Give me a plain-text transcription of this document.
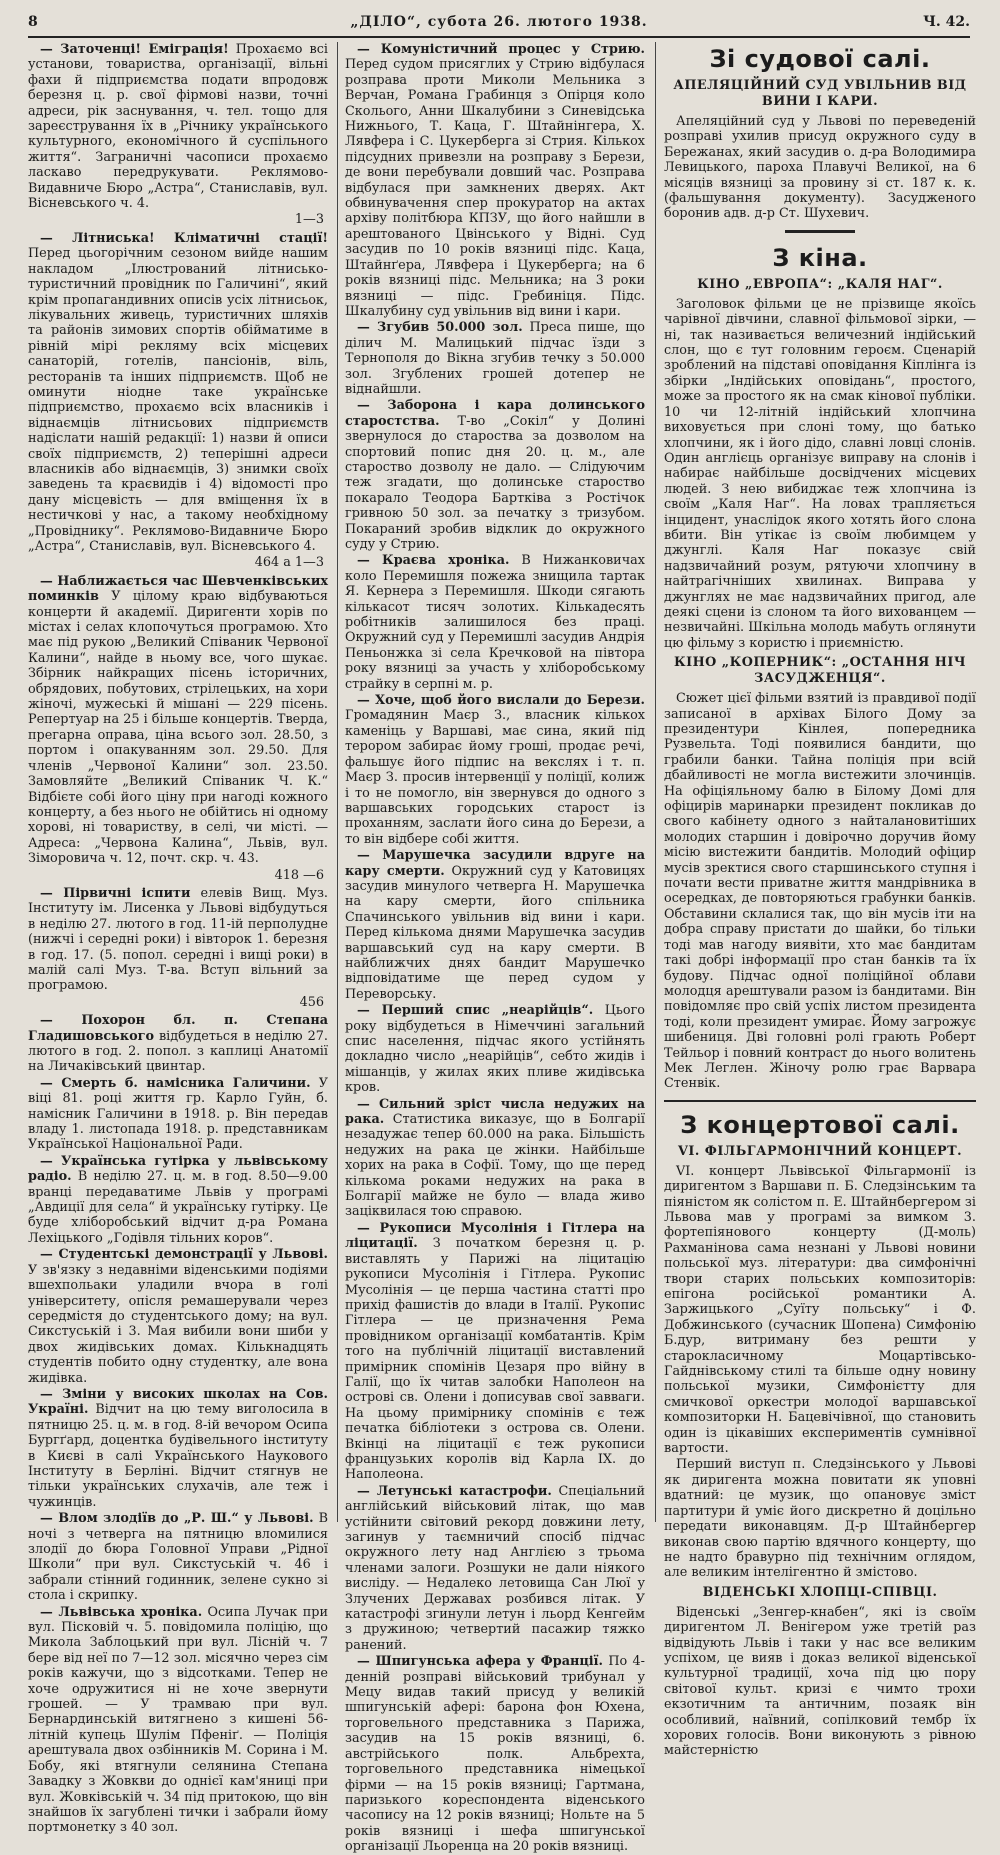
8	„ДІЛО“, субота 26. лютого 1938.	Ч. 42.

— Заточенці! Еміграція! Прохаємо всі установи, товариства, організації, вільні фахи й підприємства подати впродовж березня ц. р. свої фірмові назви, точні адреси, рік заснування, ч. тел. тощо для зареєстрування їх в „Річнику українського культурного, економічного й суспільного життя“. Заграничні часописи прохаємо ласкаво передрукувати. Реклямово-Видавниче Бюро „Астра“, Станиславів, вул. Вісневського ч. 4.

1—3

— Літниська! Кліматичні стації! Перед цьогорічним сезоном вийде нашим накладом „Ілюстрований літнисько-туристичний провідник по Галичині“, який крім пропагандивних описів усіх літнисьок, лікувальних живець, туристичних шляхів та районів зимових спортів обійматиме в рівній мірі рекляму всіх місцевих санаторій, готелів, пансіонів, віль, ресторанів та інших підприємств. Щоб не оминути ніодне таке українське підприємство, прохаємо всіх власників і віднаємців літнисьових підприємств надіслати нашій редакції: 1) назви й описи своїх підприємств, 2) теперішні адреси власників або віднаємців, 3) знимки своїх заведень та краєвидів і 4) відомості про дану місцевість — для вміщення їх в нестичкові у нас, а такому необхідному „Провіднику“. Реклямово-Видавниче Бюро „Астра“, Станиславів, вул. Вісневського 4.

464 а 1—3

— Наближається час Шевченківських поминків У цілому краю відбуваються концерти й академії. Диригенти хорів по містах і селах клопочуться програмою. Хто має під рукою „Великий Співаник Червоної Калини“, найде в ньому все, чого шукає. Збірник найкращих пісень історичних, обрядових, побутових, стрілецьких, на хори жіночі, мужеські й мішані — 229 пісень. Репертуар на 25 і більше концертів. Тверда, прегарна оправа, ціна всього зол. 28.50, з портом і опакуванням зол. 29.50. Для членів „Червоної Калини“ зол. 23.50. Замовляйте „Великий Співаник Ч. К.“ Відбієте собі його ціну при нагоді кожного концерту, а без нього не обійтись ні одному хорові, ні товариству, в селі, чи місті. — Адреса: „Червона Калина“, Львів, вул. Зіморовича ч. 12, почт. скр. ч. 43.

418 —6

— Пірвичні іспити елевів Вищ. Муз. Інституту ім. Лисенка у Львові відбудуться в неділю 27. лютого в год. 11-ій перполудне (нижчі і середні роки) і вівторок 1. березня в год. 17. (5. попол. середні і вищі роки) в малій салі Муз. Т-ва. Вступ вільний за програмою.

456

— Похорон бл. п. Степана Гладишовського відбудеться в неділю 27. лютого в год. 2. попол. з каплиці Анатомії на Личаківський цвинтар.

— Смерть б. намісника Галичини. У віці 81. році життя гр. Карло Гуйн, б. намісник Галичини в 1918. р. Він передав владу 1. листопада 1918. р. представникам Української Національної Ради.

— Українська гутірка у львівському радіо. В неділю 27. ц. м. в год. 8.50—9.00 вранці передаватиме Львів у програмі „Авдиції для села“ й українську гутірку. Це буде хліборобський відчит д-ра Романа Лехіцького „Годівля тільних коров“.

— Студентські демонстрації у Львові. У зв'язку з недавніми віденськими подіями вшехпольаки уладили вчора в голі університету, опісля ремашерували через середмістя до студентського дому; на вул. Сикстуській і 3. Мая вибили вони шиби у двох жидівських домах. Кількнадцять студентів побито одну студентку, але вона жидівка.

— Зміни у високих школах на Сов. Україні. Відчит на цю тему виголосила в пятницю 25. ц. м. в год. 8-ій вечором Осипа Бургґард, доцентка будівельного інституту в Києві в салі Українського Наукового Інституту в Берліні. Відчит стягнув не тільки українських слухачів, але теж і чужинців.

— Влом злодіїв до „Р. Ш.“ у Львові. В ночі з четверга на пятницю вломилися злодії до бюра Головної Управи „Рідної Школи“ при вул. Сикстуській ч. 46 і забрали стінний годинник, зелене сукно зі стола і скрипку.

— Львівська хроніка. Осипа Лучак при вул. Пісковій ч. 5. повідомила поліцію, що Микола Заблоцький при вул. Лісній ч. 7 бере від неї по 7—12 зол. місячно через сім років кажучи, що з відсотками. Тепер не хоче одружитися ні не хоче звернути грошей. — У трамваю при вул. Бернардинській витягнено з кишені 56-літній купець Шулім Пфеніґ. — Поліція арештувала двох озбінників М. Сорина і М. Бобу, які втягнули селянина Степана Завадку з Жовкви до однієї кам'яниці при вул. Жовківській ч. 34 під притокою, що він знайшов їх загублені тички і забрали йому портмонетку з 40 зол.

— Комуністичний процес у Стрию. Перед судом присяглих у Стрию відбулася розправа проти Миколи Мельника з Верчан, Романа Грабинця з Опірця коло Сколього, Анни Шкалубини з Синевідська Нижнього, Т. Каца, Г. Штайнінгера, Х. Лявфера і С. Цукерберга зі Стрия. Кількох підсудних привезли на розправу з Берези, де вони перебували довший час. Розправа відбулася при замкнених дверях. Акт обвинувачення спер прокуратор на актах архіву політбюра КПЗУ, що його найшли в арештованого Цвінського у Відні. Суд засудив по 10 років вязниці підс. Каца, Штайнґера, Лявфера і Цукерберга; на 6 років вязниці підс. Мельника; на 3 роки вязниці — підс. Гребиніця. Підс. Шкалубину суд увільнив від вини і кари.

— Згубив 50.000 зол. Преса пише, що ділич М. Малицький підчас їзди з Тернополя до Вікна згубив течку з 50.000 зол. Згублених грошей дотепер не віднайшли.

— Заборона і кара долинського старостства. Т-во „Сокіл“ у Долині звернулося до староства за дозволом на спортовий попис дня 20. ц. м., але староство дозволу не дало. — Слідуючим теж згадати, що долинське староство покарало Теодора Бартківа з Ростічок гривною 50 зол. за печатку з тризубом. Покараний зробив відклик до окружного суду у Стрию.

— Краєва хроніка. В Нижанковичах коло Перемишля пожежа знищила тартак Я. Кернера з Перемишля. Шкоди сягають кількасот тисяч золотих. Кількадесять робітників залишилося без праці. Окружний суд у Перемишлі засудив Андрія Пеньонжка зі села Кречковой на півтора року вязниці за участь у хліборобському страйку в серпні м. р.

— Хоче, щоб його вислали до Берези. Громадянин Маєр З., власник кількох каменіць у Варшаві, має сина, який під терором забирає йому гроші, продає речі, фальшує його підпис на векслях і т. п. Маєр З. просив інтервенції у поліції, колиж і то не помогло, він звернувся до одного з варшавських городських старост із проханням, заслати його сина до Берези, а то він відбере собі життя.

— Марушечка засудили вдруге на кару смерти. Окружний суд у Катовицях засудив минулого четверга Н. Марушечка на кару смерти, його спільника Спачинського увільнив від вини і кари. Перед кількома днями Марушечка засудив варшавський суд на кару смерти. В найближчих днях бандит Марушечко відповідатиме ще перед судом у Переворську.

— Перший спис „неарійців“. Цього року відбудеться в Німеччині загальний спис населення, підчас якого устійнять докладно число „неарійців“, себто жидів і мішанців, у жилах яких пливе жидівська кров.

— Сильний зріст числа недужих на рака. Статистика виказує, що в Болгарії незадужає тепер 60.000 на рака. Більшість недужих на рака це жінки. Найбільше хорих на рака в Софії. Тому, що ще перед кількома роками недужих на рака в Болгарії майже не було — влада живо заціквилася тою справою.

— Рукописи Мусолінія і Гітлера на ліцитації. З початком березня ц. р. виставлять у Парижі на ліцитацію рукописи Мусолінія і Гітлера. Рукопис Мусолінія — це перша частина статті про прихід фашистів до влади в Італії. Рукопис Гітлера — це призначення Рема провідником організації комбатантів. Крім того на публічній ліцитації виставлений примірник спомінів Цезаря про війну в Галії, що їх читав залобки Наполеон на острові св. Олени і дописував свої завваги. На цьому примірнику спомінів є теж печатка бібліотеки з острова св. Олени. Вкінці на ліцитації є теж рукописи французьких королів від Карла IX. до Наполеона.

— Летунські катастрофи. Спеціальний англійський військовий літак, що мав устійнити світовий рекорд довжини лету, загинув у таємничий спосіб підчас окружного лету над Англією з трьома членами залоги. Розшуки не дали ніякого висліду. — Недалеко летовища Сан Люї у Злучених Державах розбився літак. У катастрофі згинули летун і льорд Кенгейм з дружиною; четвертий пасажир тяжко ранений.

— Шпигунська афера у Франції. По 4-денній розправі військовий трибунал у Мецу видав такий присуд у великій шпигунській афері: барона фон Юхена, торговельного представника з Парижа, засудив на 15 років вязниці, 6. австрійського полк. Альбрехта, торговельного представника німецької фірми — на 15 років вязниці; Гартмана, паризького кореспондента віденського часопису на 12 років вязниці; Нольте на 5 років вязниці і шефа шпигунської організації Льоренца на 20 років вязниці.

Зі судової салі.
АПЕЛЯЦІЙНИЙ СУД УВІЛЬНИВ ВІД ВИНИ І КАРИ.

Апеляційний суд у Львові по переведеній розправі ухилив присуд окружного суду в Бережанах, який засудив о. д-ра Володимира Левицького, пароха Плавучі Великої, на 6 місяців вязниці за провину зі ст. 187 к. к. (фальшування документу). Засудженого боронив адв. д-р Ст. Шухевич.

З кіна.
КІНО „ЕВРОПА“: „КАЛЯ НАГ“.

Заголовок фільми це не прізвище якоїсь чарівної дівчини, славної фільмової зірки, — ні, так називається величезний індійський слон, що є тут головним героєм. Сценарій зроблений на підставі оповідання Кіплінга із збірки „Індійських оповідань“, простого, може за простого як на смак кінової публіки. 10 чи 12-літній індійський хлопчина виховується при слоні тому, що батько хлопчини, як і його дідо, славні ловці слонів. Один англієць організує виправу на слонів і набирає найбільше досвідчених місцевих людей. З нею вибиджає теж хлопчина із своїм „Каля Наг“. На ловах трапляється інцидент, унаслідок якого хотять його слона вбити. Він утікає із своїм любимцем у джунглі. Каля Наг показує свій надзвичайний розум, рятуючи хлопчину в найтрагічніших хвилинах. Виправа у джунглях не має надзвичайних пригод, але деякі сцени із слоном та його вихованцем — незвичайні. Шкільна молодь мабуть оглянути цю фільму з користю і приємністю.

КІНО „КОПЕРНИК“: „ОСТАННЯ НІЧ ЗАСУДЖЕНЦЯ“.

Сюжет цієї фільми взятий із правдивої події записаної в архівах Білого Дому за президентури Кінлея, попередника Рузвельта. Тоді появилися бандити, що грабили банки. Тайна поліція при всій дбайливості не могла вистежити злочинців. На офіціяльному балю в Білому Домі для офіцирів маринарки президент покликав до свого кабінету одного з найталановитіших молодих старшин і довірочно доручив йому місію вистежити бандитів. Молодий офіцир мусів зректися свого старшинського ступня і почати вести приватне життя мандрівника в осередках, де повторяються грабунки банків. Обставини склалися так, що він мусів іти на добра справу пристати до шайки, бо тільки тоді мав нагоду виявіти, хто має бандитам такі добрі інформації про стан банків та їх будову. Підчас одної поліційної облави молодця арештували разом із бандитами. Він повідомляє про свій успіх листом президента тоді, коли президент умирає. Йому загрожує шибениця. Дві головні ролі грають Роберт Тейльор і повний контраст до нього волитень Мек Леглен. Жіночу ролю грає Варвара Стенвік.

З концертової салі.
VI. ФІЛЬГАРМОНІЧНИЙ КОНЦЕРТ.

VI. концерт Львівської Фільгармонії із диригентом з Варшави п. Б. Следзінським та піяністом як солістом п. Е. Штайнбергером зі Львова мав у програмі за вимком 3. фортепіянового концерту (Д-моль) Рахманінова сама незнані у Львові новини польської муз. літератури: два симфонічні твори старих польських композиторів: епігона російської романтики А. Заржицького „Суїту польську“ і Ф. Добжинського (сучасник Шопена) Симфонію Б.дур, витриману без решти у старокласичному Моцартівсько-Гайднівському стилі та більше одну новину польської музики, Симфонієтту для смичкової оркестри молодої варшавської композиторки Н. Бацевічівної, що становить один із цікавіших експериментів сумнівної вартости.

Перший виступ п. Следзінського у Львові як диригента можна повитати як уповні вдатний: це музик, що опановує зміст партитури й уміє його дискретно й доцільно передати виконавцям. Д-р Штайнбергер виконав свою партію вдячного концерту, що не надто бравурно під технічним оглядом, але великим інтелігентно й змістово.

ВІДЕНСЬКІ ХЛОПЦІ-СПІВЦІ.

Віденські „Зенгер-кнабен“, які із своїм диригентом Л. Венігером уже третій раз відвідують Львів і таки у нас все великим успіхом, це вияв і доказ великої віденської культурної традиції, хоча під цю пору світової культ. кризі є чимто трохи екзотичним та античним, позаяк він особливий, наївний, сопілковий тембр їх хорових голосів. Вони виконують з рівною майстерністю
